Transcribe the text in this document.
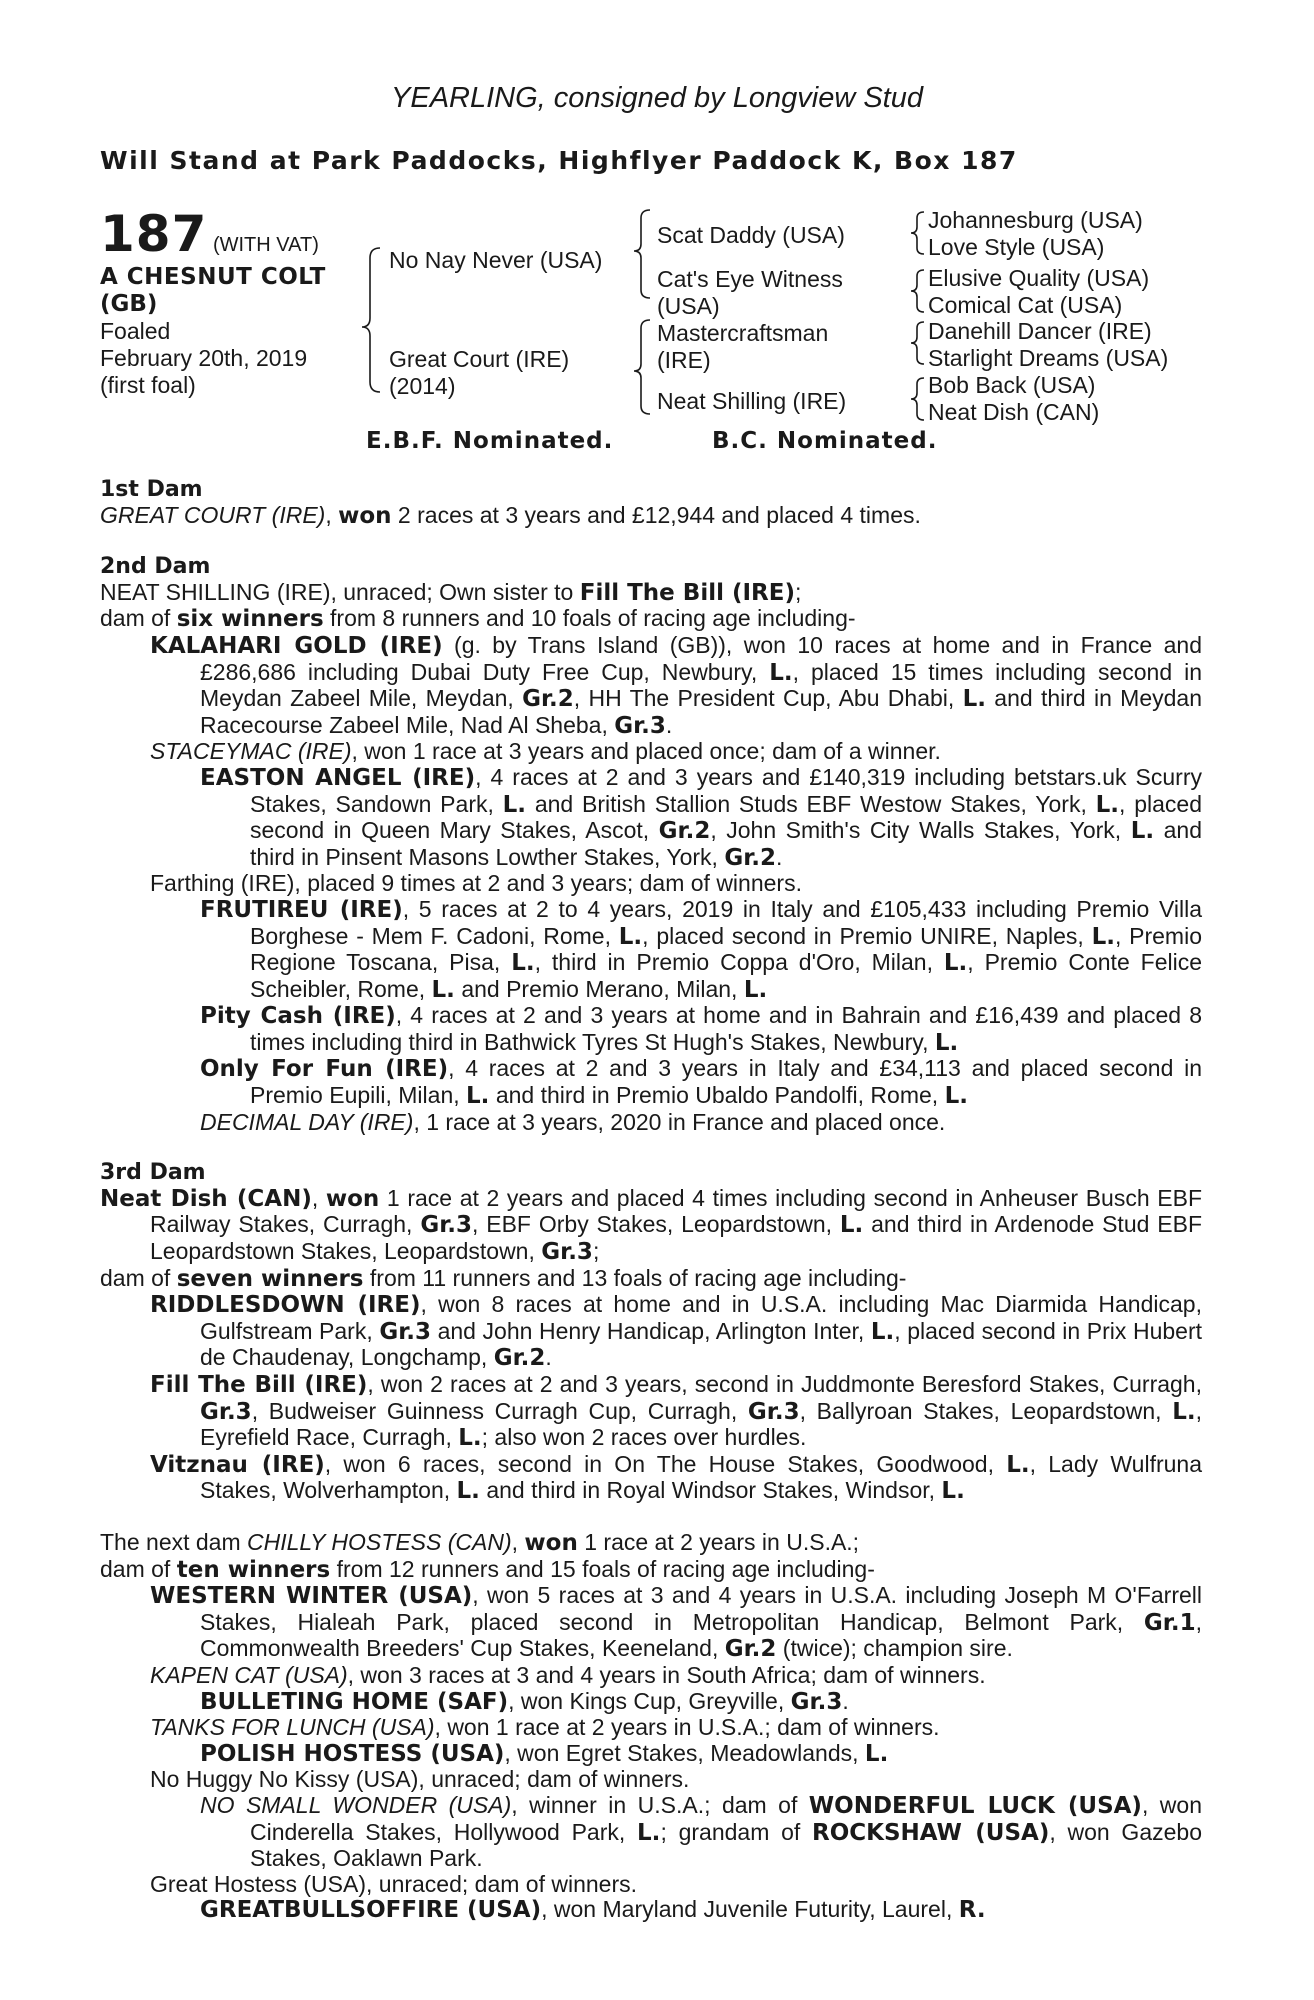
YEARLING, consigned by Longview Stud
Will Stand at Park Paddocks, Highflyer Paddock K, Box 187
187 (WITH VAT)
A CHESNUT COLT
(GB)
Foaled
February 20th, 2019
(first foal)
No Nay Never (USA)
Great Court (IRE)
(2014)
Scat Daddy (USA)
Cat's Eye Witness
(USA)
Mastercraftsman
(IRE)
Neat Shilling (IRE)
Johannesburg (USA)
Love Style (USA)
Elusive Quality (USA)
Comical Cat (USA)
Danehill Dancer (IRE)
Starlight Dreams (USA)
Bob Back (USA)
Neat Dish (CAN)
E.B.F. Nominated.	B.C. Nominated.

1st Dam

GREAT COURT (IRE), won 2 races at 3 years and £12,944 and placed 4 times.

2nd Dam

NEAT SHILLING (IRE), unraced; Own sister to Fill The Bill (IRE);

dam of six winners from 8 runners and 10 foals of racing age including-

KALAHARI GOLD (IRE) (g. by Trans Island (GB)), won 10 races at home and in France and £286,686 including Dubai Duty Free Cup, Newbury, L., placed 15 times including second in Meydan Zabeel Mile, Meydan, Gr.2, HH The President Cup, Abu Dhabi, L. and third in Meydan Racecourse Zabeel Mile, Nad Al Sheba, Gr.3.

STACEYMAC (IRE), won 1 race at 3 years and placed once; dam of a winner.

EASTON ANGEL (IRE), 4 races at 2 and 3 years and £140,319 including betstars.uk Scurry Stakes, Sandown Park, L. and British Stallion Studs EBF Westow Stakes, York, L., placed second in Queen Mary Stakes, Ascot, Gr.2, John Smith's City Walls Stakes, York, L. and third in Pinsent Masons Lowther Stakes, York, Gr.2.

Farthing (IRE), placed 9 times at 2 and 3 years; dam of winners.

FRUTIREU (IRE), 5 races at 2 to 4 years, 2019 in Italy and £105,433 including Premio Villa Borghese - Mem F. Cadoni, Rome, L., placed second in Premio UNIRE, Naples, L., Premio Regione Toscana, Pisa, L., third in Premio Coppa d'Oro, Milan, L., Premio Conte Felice Scheibler, Rome, L. and Premio Merano, Milan, L.

Pity Cash (IRE), 4 races at 2 and 3 years at home and in Bahrain and £16,439 and placed 8 times including third in Bathwick Tyres St Hugh's Stakes, Newbury, L.

Only For Fun (IRE), 4 races at 2 and 3 years in Italy and £34,113 and placed second in Premio Eupili, Milan, L. and third in Premio Ubaldo Pandolfi, Rome, L.

DECIMAL DAY (IRE), 1 race at 3 years, 2020 in France and placed once.

3rd Dam

Neat Dish (CAN), won 1 race at 2 years and placed 4 times including second in Anheuser Busch EBF Railway Stakes, Curragh, Gr.3, EBF Orby Stakes, Leopardstown, L. and third in Ardenode Stud EBF Leopardstown Stakes, Leopardstown, Gr.3;

dam of seven winners from 11 runners and 13 foals of racing age including-

RIDDLESDOWN (IRE), won 8 races at home and in U.S.A. including Mac Diarmida Handicap, Gulfstream Park, Gr.3 and John Henry Handicap, Arlington Inter, L., placed second in Prix Hubert de Chaudenay, Longchamp, Gr.2.

Fill The Bill (IRE), won 2 races at 2 and 3 years, second in Juddmonte Beresford Stakes, Curragh, Gr.3, Budweiser Guinness Curragh Cup, Curragh, Gr.3, Ballyroan Stakes, Leopardstown, L., Eyrefield Race, Curragh, L.; also won 2 races over hurdles.

Vitznau (IRE), won 6 races, second in On The House Stakes, Goodwood, L., Lady Wulfruna Stakes, Wolverhampton, L. and third in Royal Windsor Stakes, Windsor, L.

The next dam CHILLY HOSTESS (CAN), won 1 race at 2 years in U.S.A.;

dam of ten winners from 12 runners and 15 foals of racing age including-

WESTERN WINTER (USA), won 5 races at 3 and 4 years in U.S.A. including Joseph M O'Farrell Stakes, Hialeah Park, placed second in Metropolitan Handicap, Belmont Park, Gr.1, Commonwealth Breeders' Cup Stakes, Keeneland, Gr.2 (twice); champion sire.

KAPEN CAT (USA), won 3 races at 3 and 4 years in South Africa; dam of winners.

BULLETING HOME (SAF), won Kings Cup, Greyville, Gr.3.

TANKS FOR LUNCH (USA), won 1 race at 2 years in U.S.A.; dam of winners.

POLISH HOSTESS (USA), won Egret Stakes, Meadowlands, L.

No Huggy No Kissy (USA), unraced; dam of winners.

NO SMALL WONDER (USA), winner in U.S.A.; dam of WONDERFUL LUCK (USA), won Cinderella Stakes, Hollywood Park, L.; grandam of ROCKSHAW (USA), won Gazebo Stakes, Oaklawn Park.

Great Hostess (USA), unraced; dam of winners.

GREATBULLSOFFIRE (USA), won Maryland Juvenile Futurity, Laurel, R.
